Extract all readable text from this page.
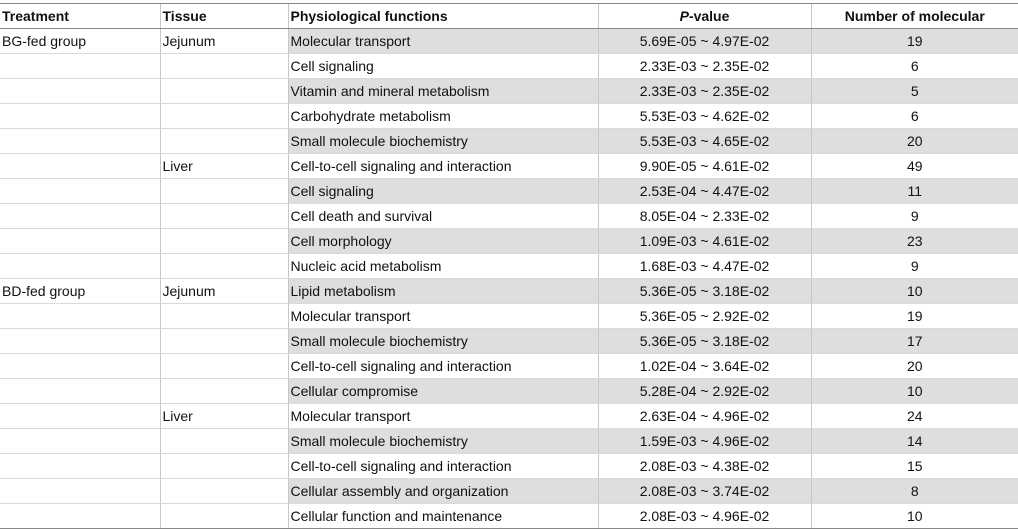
Treatment	Tissue	Physiological functions	P-value	Number of molecular
BG-fed group	Jejunum	Molecular transport	5.69E-05 ~ 4.97E-02	19
		Cell signaling	2.33E-03 ~ 2.35E-02	6
		Vitamin and mineral metabolism	2.33E-03 ~ 2.35E-02	5
		Carbohydrate metabolism	5.53E-03 ~ 4.62E-02	6
		Small molecule biochemistry	5.53E-03 ~ 4.65E-02	20
	Liver	Cell-to-cell signaling and interaction	9.90E-05 ~ 4.61E-02	49
		Cell signaling	2.53E-04 ~ 4.47E-02	11
		Cell death and survival	8.05E-04 ~ 2.33E-02	9
		Cell morphology	1.09E-03 ~ 4.61E-02	23
		Nucleic acid metabolism	1.68E-03 ~ 4.47E-02	9
BD-fed group	Jejunum	Lipid metabolism	5.36E-05 ~ 3.18E-02	10
		Molecular transport	5.36E-05 ~ 2.92E-02	19
		Small molecule biochemistry	5.36E-05 ~ 3.18E-02	17
		Cell-to-cell signaling and interaction	1.02E-04 ~ 3.64E-02	20
		Cellular compromise	5.28E-04 ~ 2.92E-02	10
	Liver	Molecular transport	2.63E-04 ~ 4.96E-02	24
		Small molecule biochemistry	1.59E-03 ~ 4.96E-02	14
		Cell-to-cell signaling and interaction	2.08E-03 ~ 4.38E-02	15
		Cellular assembly and organization	2.08E-03 ~ 3.74E-02	8
		Cellular function and maintenance	2.08E-03 ~ 4.96E-02	10
